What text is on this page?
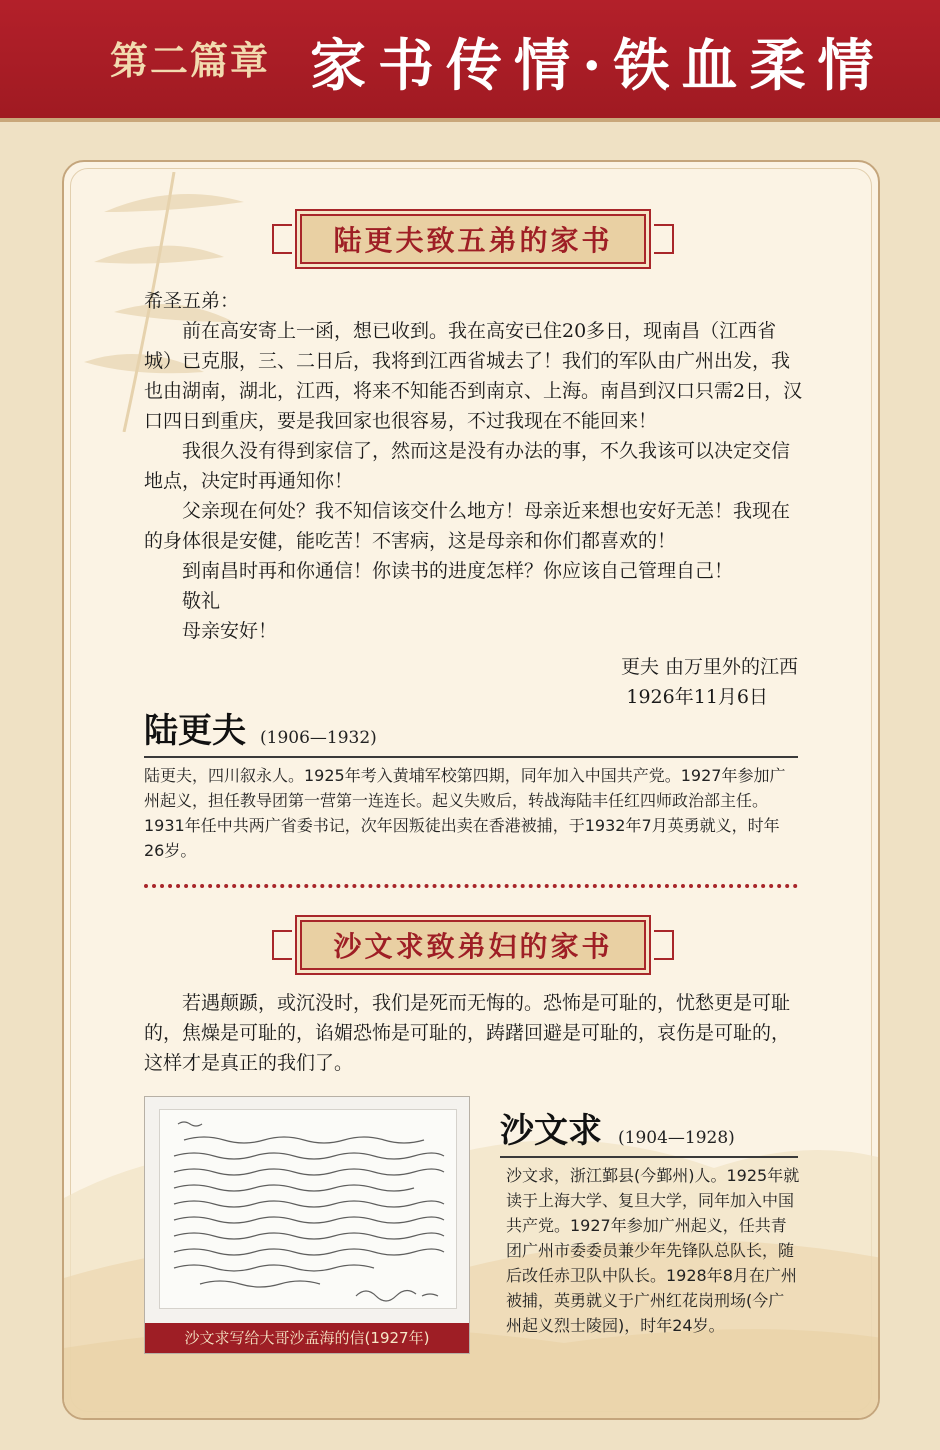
第二篇章 家书传情·铁血柔情
陆更夫致五弟的家书

希圣五弟：

前在高安寄上一函，想已收到。我在高安已住20多日，现南昌（江西省城）已克服，三、二日后，我将到江西省城去了！我们的军队由广州出发，我也由湖南，湖北，江西，将来不知能否到南京、上海。南昌到汉口只需2日，汉口四日到重庆，要是我回家也很容易，不过我现在不能回来！

我很久没有得到家信了，然而这是没有办法的事，不久我该可以决定交信地点，决定时再通知你！

父亲现在何处？我不知信该交什么地方！母亲近来想也安好无恙！我现在的身体很是安健，能吃苦！不害病，这是母亲和你们都喜欢的！

到南昌时再和你通信！你读书的进度怎样？你应该自己管理自己！

敬礼

母亲安好！

更夫 由万里外的江西

1926年11月6日

陆更夫 (1906—1932)
陆更夫，四川叙永人。1925年考入黄埔军校第四期，同年加入中国共产党。1927年参加广州起义，担任教导团第一营第一连连长。起义失败后，转战海陆丰任红四师政治部主任。1931年任中共两广省委书记，次年因叛徒出卖在香港被捕，于1932年7月英勇就义，时年26岁。
沙文求致弟妇的家书

若遇颠踬，或沉没时，我们是死而无悔的。恐怖是可耻的，忧愁更是可耻的，焦燥是可耻的，谄媚恐怖是可耻的，踌躇回避是可耻的，哀伤是可耻的，这样才是真正的我们了。

沙文求写给大哥沙孟海的信(1927年)
沙文求 (1904—1928)
沙文求，浙江鄞县(今鄞州)人。1925年就读于上海大学、复旦大学，同年加入中国共产党。1927年参加广州起义，任共青团广州市委委员兼少年先锋队总队长，随后改任赤卫队中队长。1928年8月在广州被捕，英勇就义于广州红花岗刑场(今广州起义烈士陵园)，时年24岁。
